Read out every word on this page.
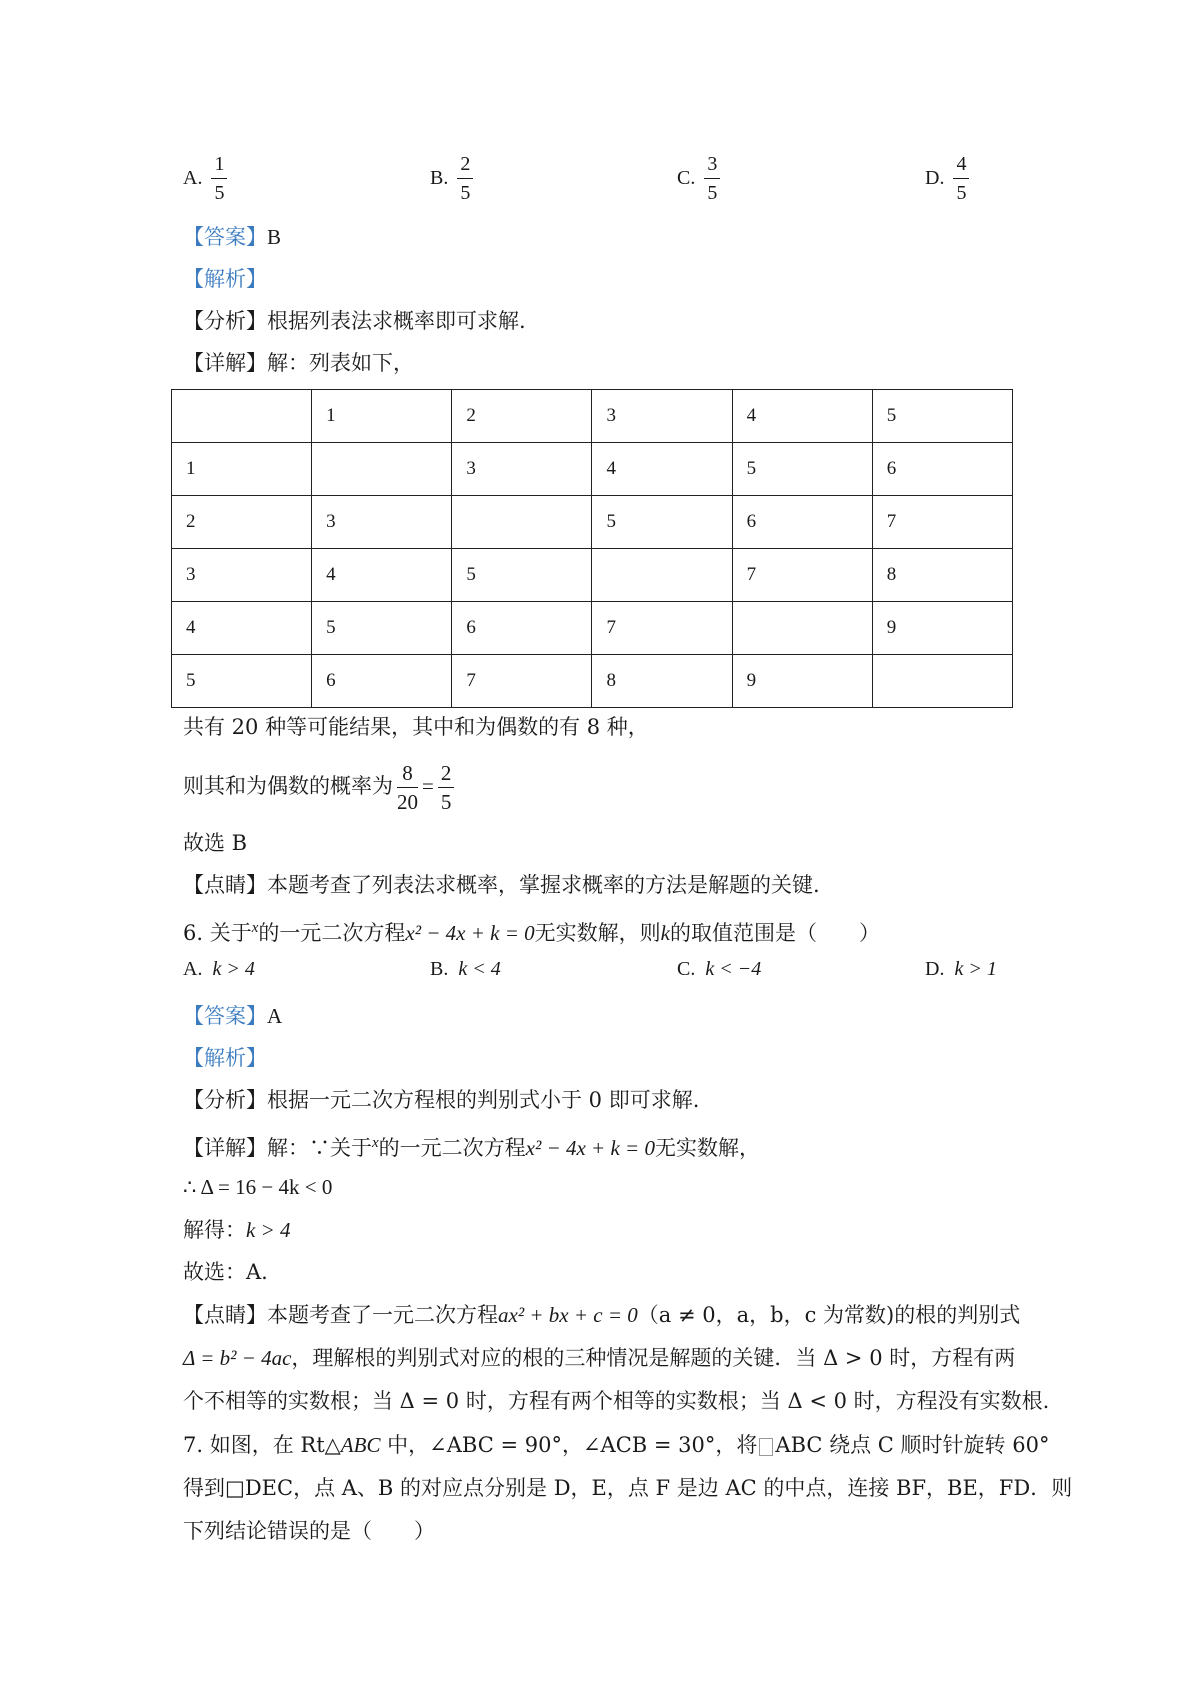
A. $\frac{1}{5}$	B. $\frac{2}{5}$	C. $\frac{3}{5}$	D. $\frac{4}{5}$
【答案】B
【解析】
【分析】根据列表法求概率即可求解.
【详解】解：列表如下，
	1	2	3	4	5
1		3	4	5	6
2	3		5	6	7
3	4	5		7	8
4	5	6	7		9
5	6	7	8	9	
共有 20 种等可能结果，其中和为偶数的有 8 种，
则其和为偶数的概率为 $\frac{8}{20} = \frac{2}{5}$
故选 B
【点睛】本题考查了列表法求概率，掌握求概率的方法是解题的关键.
6. 关于$^x$的一元二次方程x² − 4x + k = 0无实数解，则k的取值范围是（　　）
A. k > 4	B. k < 4	C. k < −4	D. k > 1
【答案】A
【解析】
【分析】根据一元二次方程根的判别式小于 0 即可求解.
【详解】解：∵关于$^x$的一元二次方程x² − 4x + k = 0无实数解，
∴ Δ = 16 − 4k < 0
解得：k > 4
故选：A.
【点睛】本题考查了一元二次方程ax² + bx + c = 0（a ≠ 0，a，b，c 为常数)的根的判别式
Δ = b² − 4ac，理解根的判别式对应的根的三种情况是解题的关键．当 Δ > 0 时，方程有两
个不相等的实数根；当 Δ = 0 时，方程有两个相等的实数根；当 Δ < 0 时，方程没有实数根.
7. 如图，在 Rt△ABC 中，∠ABC = 90°，∠ACB = 30°，将 ABC 绕点 C 顺时针旋转 60°
得到□DEC，点 A、B 的对应点分别是 D，E，点 F 是边 AC 的中点，连接 BF，BE，FD．则
下列结论错误的是（　　）
